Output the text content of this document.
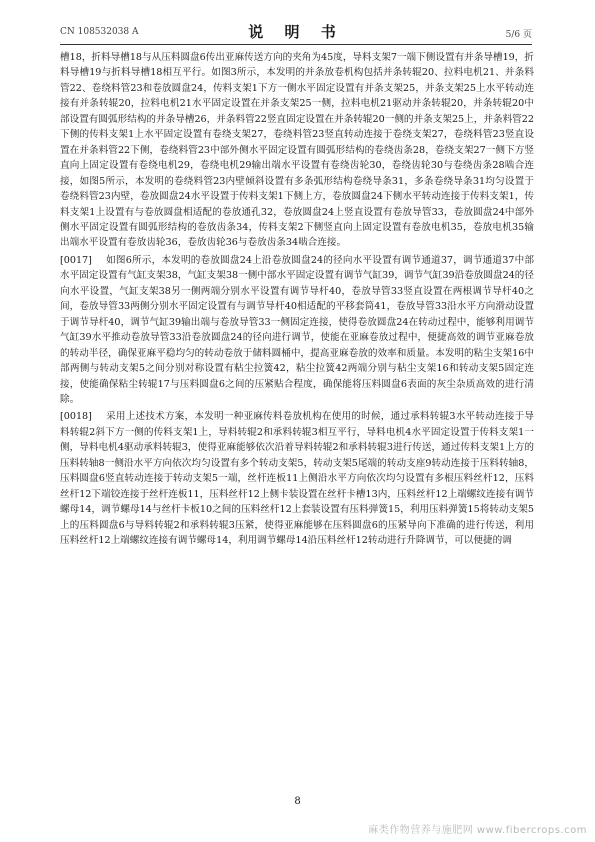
CN 108532038 A	说 明 书	5/6 页

槽18，折料导槽18与从压料圆盘6传出亚麻传送方向的夹角为45度，导料支架7一端下侧设置有并条导槽19，折料导槽19与折料导槽18相互平行。如图3所示，本发明的并条放卷机构包括并条转辊20、拉料电机21、并条料管22、卷绕料管23和卷放圆盘24，传料支架1下方一侧水平固定设置有并条支架25，并条支架25上水平转动连接有并条转辊20，拉料电机21水平固定设置在并条支架25一侧，拉料电机21驱动并条转辊20，并条转辊20中部设置有圆弧形结构的并条导槽26，并条料管22竖直固定设置在并条转辊20一侧的并条支架25上，并条料管22下侧的传料支架1上水平固定设置有卷绕支架27，卷绕料管23竖直转动连接于卷绕支架27，卷绕料管23竖直设置在并条料管22下侧，卷绕料管23中部外侧水平固定设置有圆弧形结构的卷绕齿条28，卷绕支架27一侧下方竖直向上固定设置有卷绕电机29，卷绕电机29输出端水平设置有卷绕齿轮30，卷绕齿轮30与卷绕齿条28啮合连接，如图5所示，本发明的卷绕料管23内壁倾斜设置有多条弧形结构卷绕导条31，多条卷绕导条31均匀设置于卷绕料管23内壁，卷放圆盘24水平设置于传料支架1下侧上方，卷放圆盘24下侧水平转动连接于传料支架1，传料支架1上设置有与卷放圆盘相适配的卷放通孔32，卷放圆盘24上竖直设置有卷放导管33，卷放圆盘24中部外侧水平固定设置有圆弧形结构的卷放齿条34，传料支架2下侧竖直向上固定设置有卷放电机35，卷放电机35输出端水平设置有卷放齿轮36，卷放齿轮36与卷放齿条34啮合连接。

[0017] 如图6所示，本发明的卷放圆盘24上沿卷放圆盘24的径向水平设置有调节通道37，调节通道37中部水平固定设置有气缸支架38，气缸支架38一侧中部水平固定设置有调节气缸39，调节气缸39沿卷放圆盘24的径向水平设置，气缸支架38另一侧两端分别水平设置有调节导杆40，卷放导管33竖直设置在两根调节导杆40之间，卷放导管33两侧分别水平固定设置有与调节导杆40相适配的平移套筒41，卷放导管33沿水平方向滑动设置于调节导杆40，调节气缸39输出端与卷放导管33一侧固定连接，使得卷放圆盘24在转动过程中，能够利用调节气缸39水平推动卷放导管33沿卷放圆盘24的径向进行调节，使能在亚麻卷放过程中，便捷高效的调节亚麻卷放的转动半径，确保亚麻平稳均匀的转动卷放于储料圆桶中，提高亚麻卷放的效率和质量。本发明的粘尘支架16中部两侧与转动支架5之间分别对称设置有粘尘拉簧42，粘尘拉簧42两端分别与粘尘支架16和转动支架5固定连接，使能确保粘尘转辊17与压料圆盘6之间的压紧贴合程度，确保能将压料圆盘6表面的灰尘杂质高效的进行清除。

[0018] 采用上述技术方案，本发明一种亚麻传料卷放机构在使用的时候，通过承料转辊3水平转动连接于导料转辊2斜下方一侧的传料支架1上，导料转辊2和承料转辊3相互平行，导料电机4水平固定设置于传料支架1一侧，导料电机4驱动承料转辊3，使得亚麻能够依次沿着导料转辊2和承料转辊3进行传送，通过传料支架1上方的压料转轴8一侧沿水平方向依次均匀设置有多个转动支架5，转动支架5尾端的转动支座9转动连接于压料转轴8，压料圆盘6竖直转动连接于转动支架5一端，丝杆连板11上侧沿水平方向依次均匀设置有多根压料丝杆12，压料丝杆12下端铰连接于丝杆连板11，压料丝杆12上侧卡装设置在丝杆卡槽13内，压料丝杆12上端螺纹连接有调节螺母14，调节螺母14与丝杆卡板10之间的压料丝杆12上套装设置有压料弹簧15，利用压料弹簧15将转动支架5上的压料圆盘6与导料转辊2和承料转辊3压紧，使得亚麻能够在压料圆盘6的压紧导向下准确的进行传送，利用压料丝杆12上端螺纹连接有调节螺母14，利用调节螺母14沿压料丝杆12转动进行升降调节，可以便捷的调

8
麻类作物营养与施肥网 www.fibercrops.com
